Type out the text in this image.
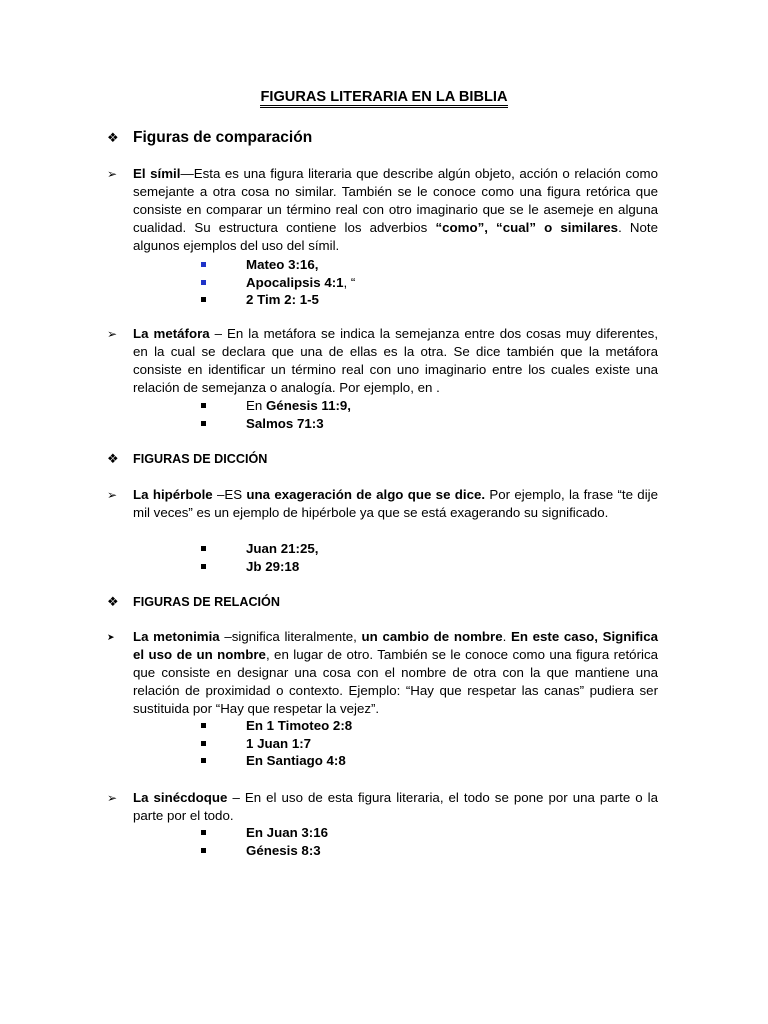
FIGURAS LITERARIA EN LA BIBLIA
❖ Figuras de comparación
➢	El símil—Esta es una figura literaria que describe algún objeto, acción o relación como semejante a otra cosa no similar. También se le conoce como una figura retórica que consiste en comparar un término real con otro imaginario que se le asemeje en alguna cualidad. Su estructura contiene los adverbios “como”, “cual” o similares. Note algunos ejemplos del uso del símil.
Mateo 3:16,
Apocalipsis 4:1, “
2 Tim 2: 1-5
➢	La metáfora – En la metáfora se indica la semejanza entre dos cosas muy diferentes, en la cual se declara que una de ellas es la otra. Se dice también que la metáfora consiste en identificar un término real con uno imaginario entre los cuales existe una relación de semejanza o analogía. Por ejemplo, en .
En Génesis 11:9,
Salmos 71:3
❖ FIGURAS DE DICCIÓN
➢	La hipérbole –ES una exageración de algo que se dice. Por ejemplo, la frase “te dije mil veces” es un ejemplo de hipérbole ya que se está exagerando su significado.
Juan 21:25,
Jb 29:18
❖ FIGURAS DE RELACIÓN
➤	La metonimia –significa literalmente, un cambio de nombre. En este caso, Significa el uso de un nombre, en lugar de otro. También se le conoce como una figura retórica que consiste en designar una cosa con el nombre de otra con la que mantiene una relación de proximidad o contexto. Ejemplo: “Hay que respetar las canas” pudiera ser sustituida por “Hay que respetar la vejez”.
En 1 Timoteo 2:8
1 Juan 1:7
En Santiago 4:8
➢	La sinécdoque – En el uso de esta figura literaria, el todo se pone por una parte o la parte por el todo.
En Juan 3:16
Génesis 8:3
